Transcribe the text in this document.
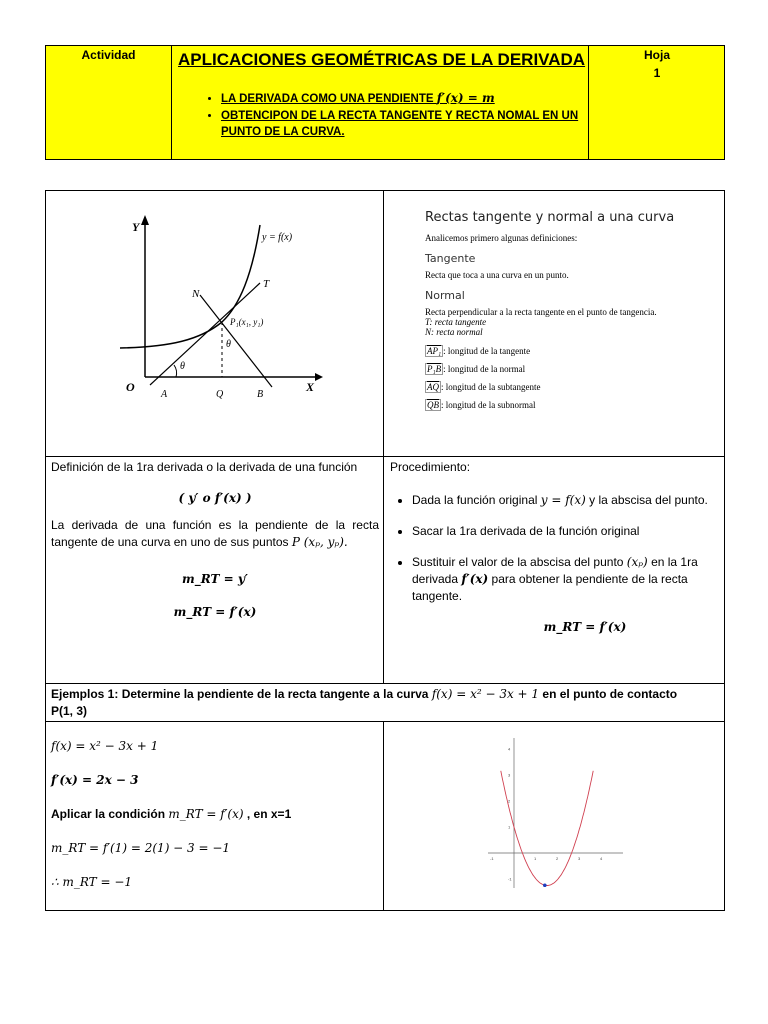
Actividad	APLICACIONES GEOMÉTRICAS DE LA DERIVADA
• LA DERIVADA COMO UNA PENDIENTE f′(x) = m
• OBTENCIPON DE LA RECTA TANGENTE Y RECTA NOMAL EN UN PUNTO DE LA CURVA.
Hoja
1
Y
X
y = f(x)
T
N
O
A	Q	B
P₁(x₁, y₁)
θ
θ
Rectas tangente y normal a una curva
Analicemos primero algunas definiciones:
Tangente
Recta que toca a una curva en un punto.
Normal
Recta perpendicular a la recta tangente en el punto de tangencia.
T: recta tangente
N: recta normal
AP₁ : longitud de la tangente
P₁B : longitud de la normal
$\overline{AQ}$ : longitud de la subtangente
$\overline{QB}$ : longitud de la subnormal
Definición de la 1ra derivada o la derivada de una función
( y′ o f′(x) )
La derivada de una función es la pendiente de la recta tangente de una curva en uno de sus puntos P (xₚ, yₚ).
m_RT = y′
m_RT = f′(x)
Procedimiento:
• Dada la función original y = f(x) y la abscisa del punto.
• Sacar la 1ra derivada de la función original
• Sustituir el valor de la abscisa del punto (xₚ) en la 1ra derivada f′(x) para obtener la pendiente de la recta tangente.
m_RT = f′(x)
Ejemplos 1: Determine la pendiente de la recta tangente a la curva f(x) = x² − 3x + 1 en el punto de contacto
P(1, 3)
f(x) = x² − 3x + 1
f′(x) = 2x − 3
Aplicar la condición m_RT = f′(x) , en x=1
m_RT = f′(1) = 2(1) − 3 = −1
∴ m_RT = −1
-1	1	2	3	4
4
3
2
1
-1
